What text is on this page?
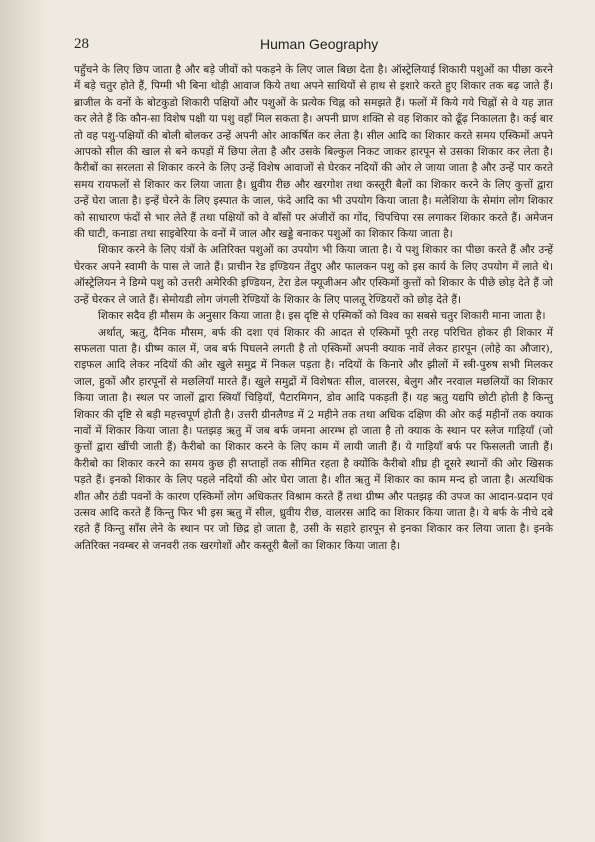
28	Human Geography

पहुँचने के लिए छिप जाता है और बड़े जीवों को पकड़ने के लिए जाल बिछा देता है। ऑस्ट्रेलियाई शिकारी पशुओं का पीछा करने में बड़े चतुर होते हैं, पिग्मी भी बिना थोड़ी आवाज किये तथा अपने साथियों से हाथ से इशारे करते हुए शिकार तक बढ़ जाते हैं। ब्राजील के वनों के बोटकुडो शिकारी पक्षियों और पशुओं के प्रत्येक चिह्न को समझते हैं। फलों में किये गये चिह्नों से वे यह ज्ञात कर लेते हैं कि कौन-सा विशेष पक्षी या पशु वहाँ मिल सकता है। अपनी घ्राण शक्ति से वह शिकार को ढूँढ़ निकालता है। कई बार तो वह पशु-पक्षियों की बोली बोलकर उन्हें अपनी ओर आकर्षित कर लेता है। सील आदि का शिकार करते समय एस्किमों अपने आपको सील की खाल से बने कपड़ों में छिपा लेता है और उसके बिल्कुल निकट जाकर हारपून से उसका शिकार कर लेता है। कैरीबों का सरलता से शिकार करने के लिए उन्हें विशेष आवाजों से घेरकर नदियों की ओर ले जाया जाता है और उन्हें पार करते समय रायफलों से शिकार कर लिया जाता है। ध्रुवीय रीछ और खरगोश तथा कस्तूरी बैलों का शिकार करने के लिए कुत्तों द्वारा उन्हें घेरा जाता है। इन्हें घेरने के लिए इस्पात के जाल, फंदे आदि का भी उपयोग किया जाता है। मलेशिया के सेमांग लोग शिकार को साधारण फंदों से भार लेते हैं तथा पक्षियों को वे बाँसों पर अंजीरों का गोंद, चिपचिपा रस लगाकर शिकार करते हैं। अमेजन की घाटी, कनाडा तथा साइबेरिया के वनों में जाल और खड्डे बनाकर पशुओं का शिकार किया जाता है।

शिकार करने के लिए यंत्रों के अतिरिक्त पशुओं का उपयोग भी किया जाता है। ये पशु शिकार का पीछा करते हैं और उन्हें घेरकर अपने स्वामी के पास ले जाते हैं। प्राचीन रेड इण्डियन तेंदुए और फालकन पशु को इस कार्य के लिए उपयोग में लाते थे। ऑस्ट्रेलियन ने डिग्मे पशु को उत्तरी अमेरिकी इण्डियन, टेरा डेल फ्यूजीअन और एस्किमों कुत्तों को शिकार के पीछे छोड़ देते हैं जो उन्हें घेरकर ले जाते हैं। सेमोयडी लोग जंगली रेण्डियों के शिकार के लिए पालतू रेण्डियरों को छोड़ देते हैं।

शिकार सदैव ही मौसम के अनुसार किया जाता है। इस दृष्टि से एस्मिकों को विश्व का सबसे चतुर शिकारी माना जाता है।

अर्थात्, ऋतु, दैनिक मौसम, बर्फ की दशा एवं शिकार की आदत से एस्किमों पूरी तरह परिचित होकर ही शिकार में सफलता पाता है। ग्रीष्म काल में, जब बर्फ पिघलने लगती है तो एस्किमों अपनी क्याक नावें लेकर हारपून (लोहे का औजार), राइफल आदि लेकर नदियों की ओर खुले समुद्र में निकल पड़ता है। नदियों के किनारे और झीलों में स्त्री-पुरुष सभी मिलकर जाल, हुकों और हारपूनों से मछलियाँ मारते हैं। खुले समुद्रों में विशेषतः सील, वालरस, बेलुग और नरवाल मछलियों का शिकार किया जाता है। स्थल पर जालों द्वारा स्त्रियाँ चिड़ियाँ, पैटारमिगन, डोव आदि पकड़ती हैं। यह ऋतु यद्यपि छोटी होती है किन्तु शिकार की दृष्टि से बड़ी महत्त्वपूर्ण होती है। उत्तरी ग्रीनलैण्ड में 2 महीने तक तथा अधिक दक्षिण की ओर कई महीनों तक क्याक नावों में शिकार किया जाता है। पतझड़ ऋतु में जब बर्फ जमना आरम्भ हो जाता है तो क्याक के स्थान पर स्लेज गाड़ियाँ (जो कुत्तों द्वारा खींची जाती हैं) कैरीबो का शिकार करने के लिए काम में लायी जाती हैं। ये गाड़ियाँ बर्फ पर फिसलती जाती हैं। कैरीबो का शिकार करने का समय कुछ ही सप्ताहों तक सीमित रहता है क्योंकि कैरीबो शीघ्र ही दूसरे स्थानों की ओर खिसक पड़ते हैं। इनको शिकार के लिए पहले नदियों की ओर घेरा जाता है। शीत ऋतु में शिकार का काम मन्द हो जाता है। अत्यधिक शीत और ठंडी पवनों के कारण एस्किमों लोग अधिकतर विश्राम करते हैं तथा ग्रीष्म और पतझड़ की उपज का आदान-प्रदान एवं उत्सव आदि करते हैं किन्तु फिर भी इस ऋतु में सील, ध्रुवीय रीछ, वालरस आदि का शिकार किया जाता है। ये बर्फ के नीचे दबे रहते हैं किन्तु साँस लेने के स्थान पर जो छिद्र हो जाता है, उसी के सहारे हारपून से इनका शिकार कर लिया जाता है। इनके अतिरिक्त नवम्बर से जनवरी तक खरगोशों और कस्तूरी बैलों का शिकार किया जाता है।
